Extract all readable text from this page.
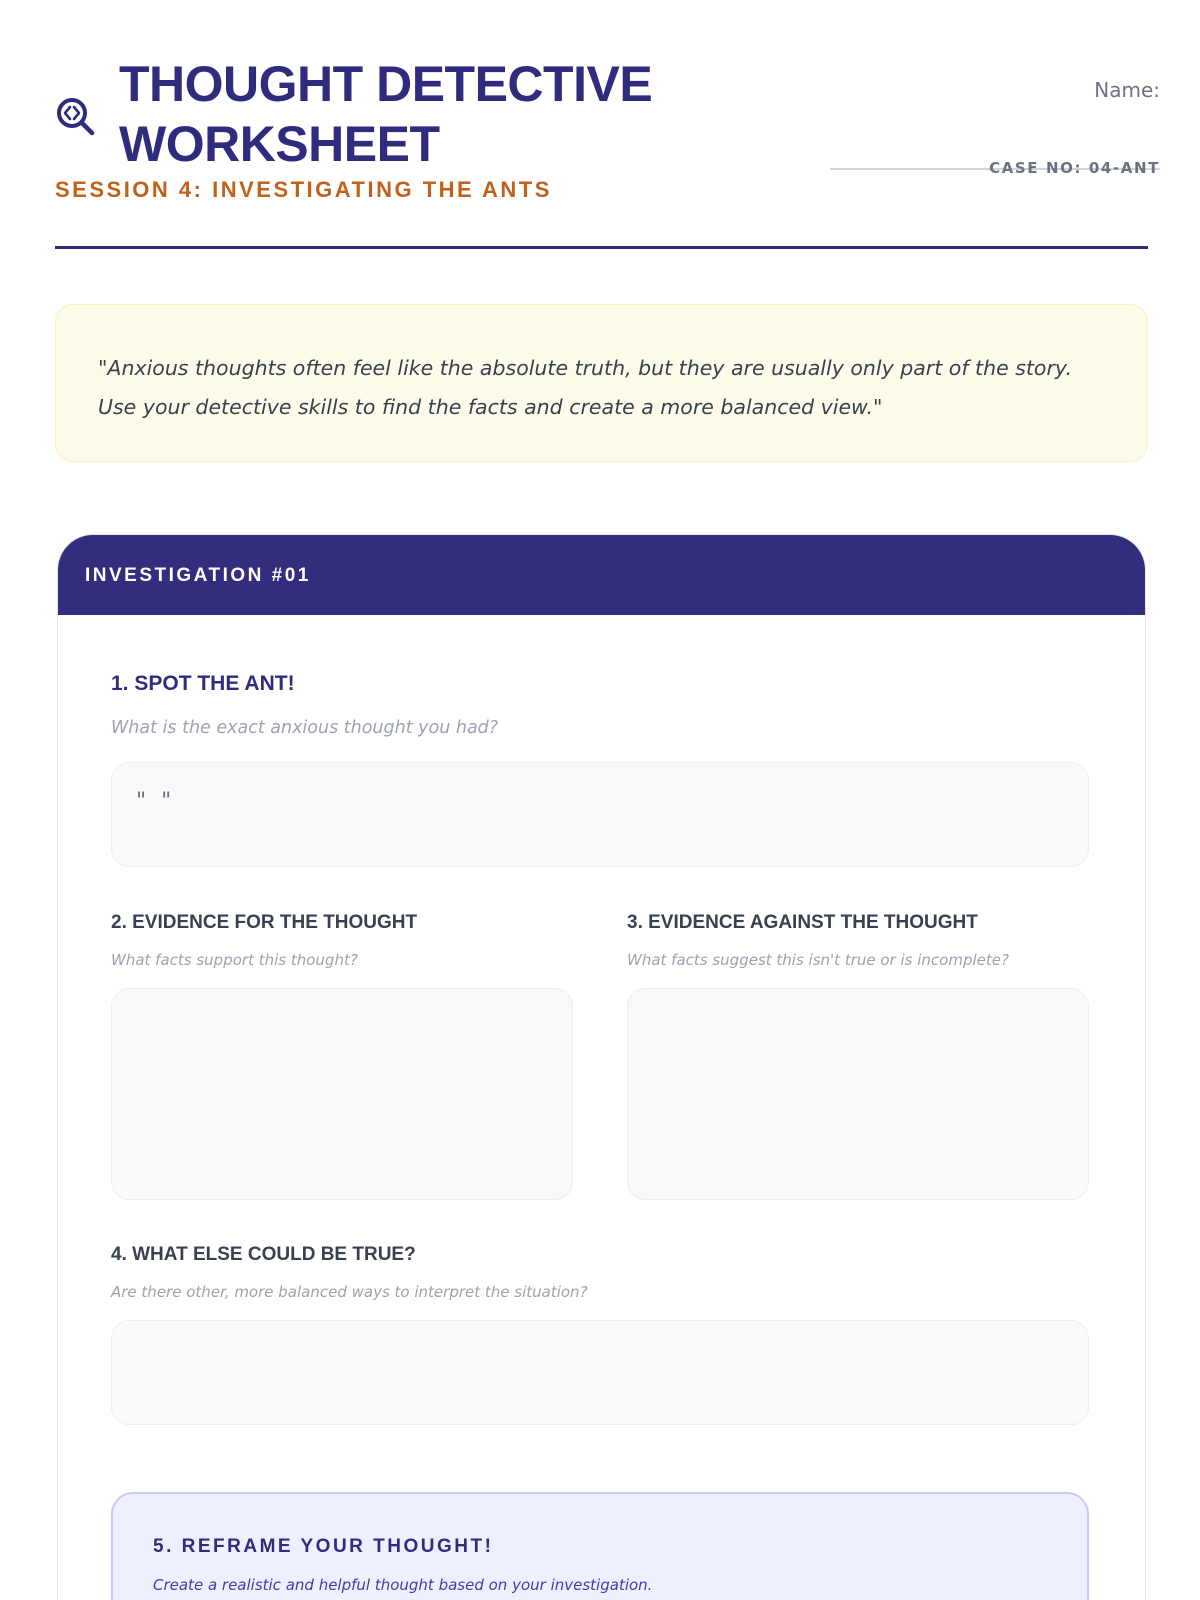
THOUGHT DETECTIVE WORKSHEET
SESSION 4: INVESTIGATING THE ANTS
Name:
CASE NO: 04-ANT

"Anxious thoughts often feel like the absolute truth, but they are usually only part of the story. Use your detective skills to find the facts and create a more balanced view."

INVESTIGATION #01
1. SPOT THE ANT!

What is the exact anxious thought you had?

" "
2. EVIDENCE FOR THE THOUGHT

What facts support this thought?

3. EVIDENCE AGAINST THE THOUGHT

What facts suggest this isn't true or is incomplete?

4. WHAT ELSE COULD BE TRUE?

Are there other, more balanced ways to interpret the situation?

5. REFRAME YOUR THOUGHT!

Create a realistic and helpful thought based on your investigation.
